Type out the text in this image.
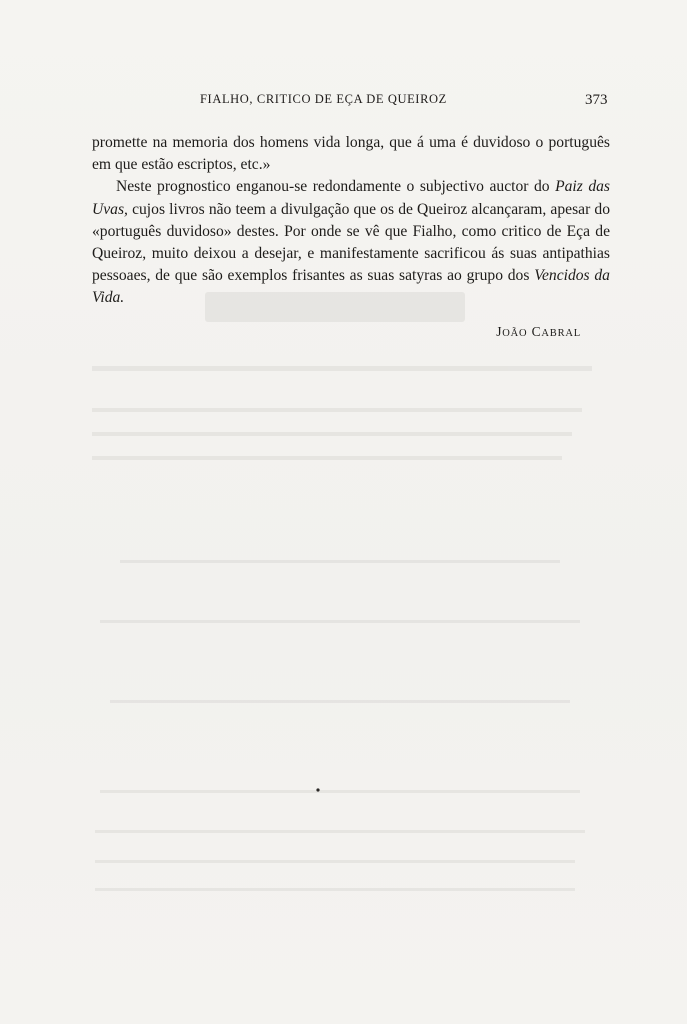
FIALHO, CRITICO DE EÇA DE QUEIROZ	373

promette na memoria dos homens vida longa, que á uma é duvidoso o português em que estão escriptos, etc.»

Neste prognostico enganou-se redondamente o subjectivo auctor do Paiz das Uvas, cujos livros não teem a divulgação que os de Queiroz alcançaram, apesar do «português duvidoso» destes. Por onde se vê que Fialho, como critico de Eça de Queiroz, muito deixou a desejar, e manifestamente sacrificou ás suas antipathias pessoaes, de que são exemplos frisantes as suas satyras ao grupo dos Vencidos da Vida.

JOÃO CABRAL
